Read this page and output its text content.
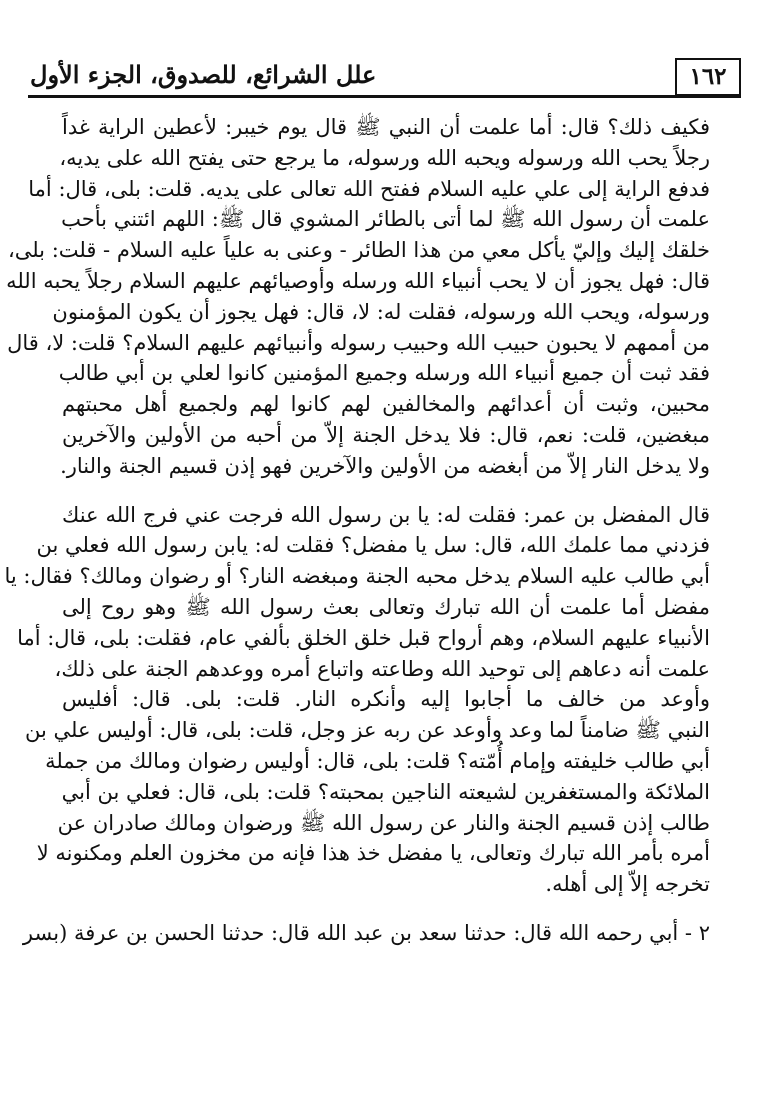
١٦٢
علل الشرائع، للصدوق، الجزء الأول
فكيف ذلك؟ قال: أما علمت أن النبي ﷺ قال يوم خيبر: لأعطين الراية غداً
رجلاً يحب الله ورسوله ويحبه الله ورسوله، ما يرجع حتى يفتح الله على يديه،
فدفع الراية إلى علي عليه السلام ففتح الله تعالى على يديه. قلت: بلى، قال: أما
علمت أن رسول الله ﷺ لما أتى بالطائر المشوي قال ﷺ: اللهم ائتني بأحب
خلقك إليك وإليّ يأكل معي من هذا الطائر - وعنى به علياً عليه السلام - قلت: بلى،
قال: فهل يجوز أن لا يحب أنبياء الله ورسله وأوصيائهم عليهم السلام رجلاً يحبه الله
ورسوله، ويحب الله ورسوله، فقلت له: لا، قال: فهل يجوز أن يكون المؤمنون
من أممهم لا يحبون حبيب الله وحبيب رسوله وأنبيائهم عليهم السلام؟ قلت: لا، قال
فقد ثبت أن جميع أنبياء الله ورسله وجميع المؤمنين كانوا لعلي بن أبي طالب
محبين، وثبت أن أعدائهم والمخالفين لهم كانوا لهم ولجميع أهل محبتهم
مبغضين، قلت: نعم، قال: فلا يدخل الجنة إلاّ من أحبه من الأولين والآخرين
ولا يدخل النار إلاّ من أبغضه من الأولين والآخرين فهو إذن قسيم الجنة والنار.
قال المفضل بن عمر: فقلت له: يا بن رسول الله فرجت عني فرج الله عنك
فزدني مما علمك الله، قال: سل يا مفضل؟ فقلت له: يابن رسول الله فعلي بن
أبي طالب عليه السلام يدخل محبه الجنة ومبغضه النار؟ أو رضوان ومالك؟ فقال: يا
مفضل أما علمت أن الله تبارك وتعالى بعث رسول الله ﷺ وهو روح إلى
الأنبياء عليهم السلام، وهم أرواح قبل خلق الخلق بألفي عام، فقلت: بلى، قال: أما
علمت أنه دعاهم إلى توحيد الله وطاعته واتباع أمره ووعدهم الجنة على ذلك،
وأوعد من خالف ما أجابوا إليه وأنكره النار. قلت: بلى. قال: أفليس
النبي ﷺ ضامناً لما وعد وأوعد عن ربه عز وجل، قلت: بلى، قال: أوليس علي بن
أبي طالب خليفته وإمام أُمّته؟ قلت: بلى، قال: أوليس رضوان ومالك من جملة
الملائكة والمستغفرين لشيعته الناجين بمحبته؟ قلت: بلى، قال: فعلي بن أبي
طالب إذن قسيم الجنة والنار عن رسول الله ﷺ ورضوان ومالك صادران عن
أمره بأمر الله تبارك وتعالى، يا مفضل خذ هذا فإنه من مخزون العلم ومكنونه لا
تخرجه إلاّ إلى أهله.
٢ - أبي رحمه الله قال: حدثنا سعد بن عبد الله قال: حدثنا الحسن بن عرفة (بسر
